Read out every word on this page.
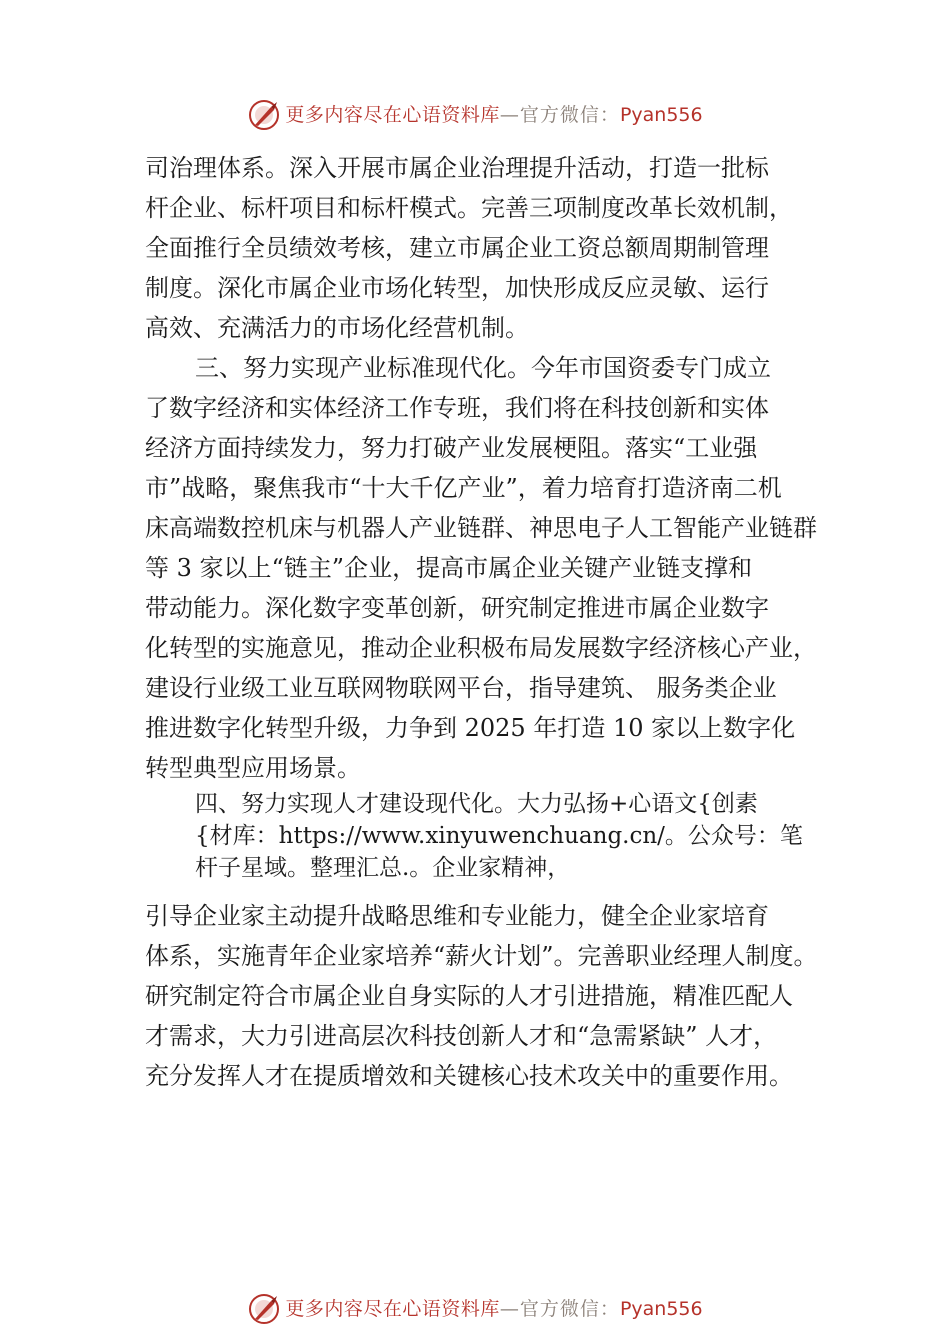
更多内容尽在心语资料库 —官方微信： Pyan556
司治理体系。深入开展市属企业治理提升活动，打造一批标
杆企业、标杆项目和标杆模式。完善三项制度改革长效机制，
全面推行全员绩效考核，建立市属企业工资总额周期制管理
制度。深化市属企业市场化转型，加快形成反应灵敏、运行
高效、充满活力的市场化经营机制。
三、努力实现产业标准现代化。今年市国资委专门成立
了数字经济和实体经济工作专班，我们将在科技创新和实体
经济方面持续发力，努力打破产业发展梗阻。落实“工业强
市”战略，聚焦我市“十大千亿产业”，着力培育打造济南二机
床高端数控机床与机器人产业链群、神思电子人工智能产业链群
等 3 家以上“链主”企业，提高市属企业关键产业链支撑和
带动能力。深化数字变革创新，研究制定推进市属企业数字
化转型的实施意见，推动企业积极布局发展数字经济核心产业，
建设行业级工业互联网物联网平台，指导建筑、 服务类企业
推进数字化转型升级，力争到 2025 年打造 10 家以上数字化
转型典型应用场景。
四、努力实现人才建设现代化。大力弘扬+心语文{创素
{材库：https://www.xinyuwenchuang.cn/。公众号：笔
杆子星域。整理汇总.。企业家精神，
引导企业家主动提升战略思维和专业能力，健全企业家培育
体系，实施青年企业家培养“薪火计划”。完善职业经理人制度。
研究制定符合市属企业自身实际的人才引进措施，精准匹配人
才需求，大力引进高层次科技创新人才和“急需紧缺” 人才，
充分发挥人才在提质增效和关键核心技术攻关中的重要作用。
更多内容尽在心语资料库 —官方微信： Pyan556
